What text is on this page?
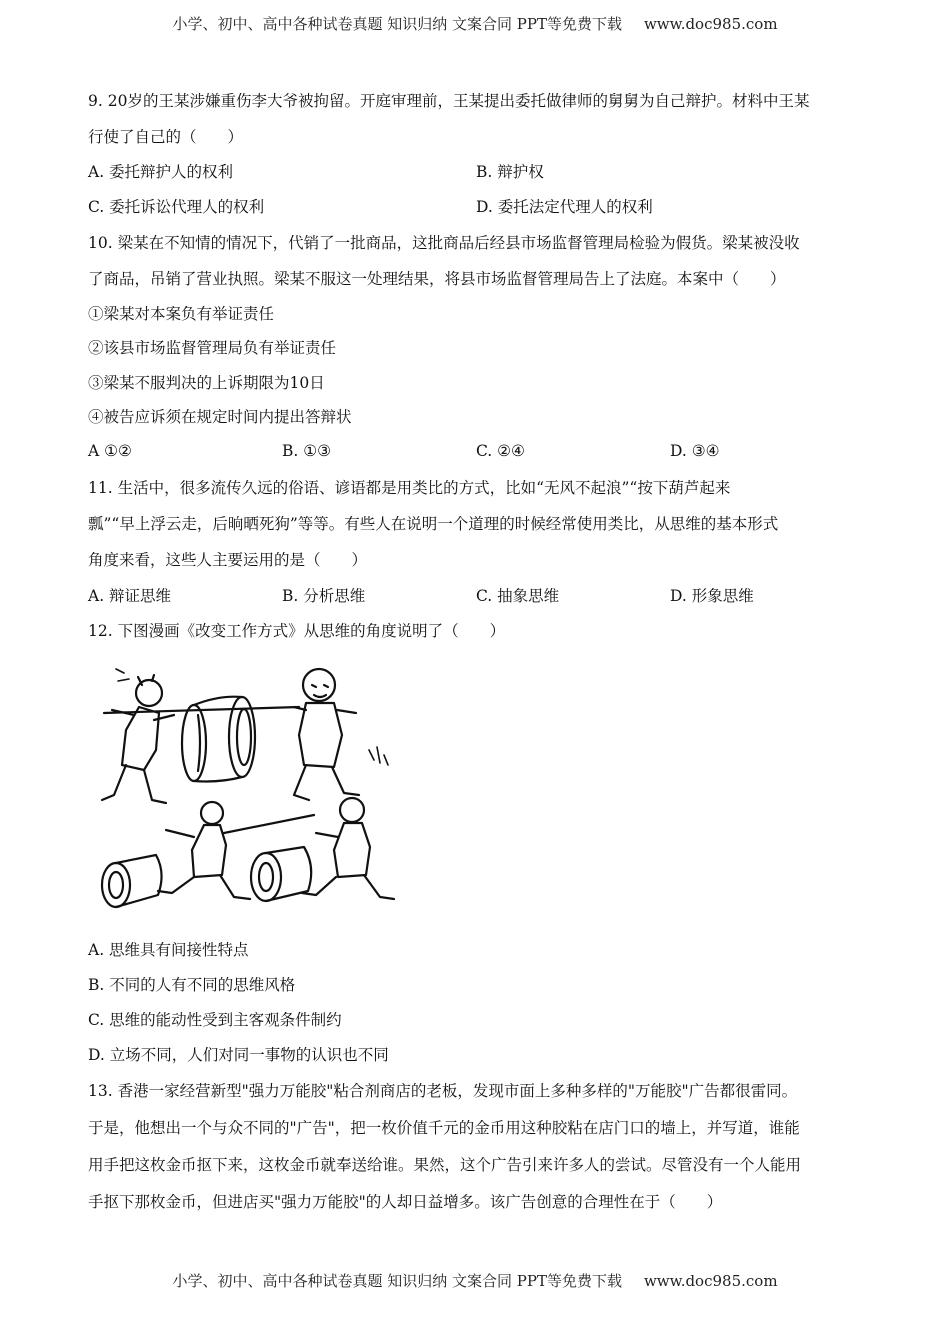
小学、初中、高中各种试卷真题 知识归纳 文案合同 PPT等免费下载 www.doc985.com
9. 20岁的王某涉嫌重伤李大爷被拘留。开庭审理前，王某提出委托做律师的舅舅为自己辩护。材料中王某
行使了自己的（　　）
A. 委托辩护人的权利	B. 辩护权
C. 委托诉讼代理人的权利	D. 委托法定代理人的权利
10. 梁某在不知情的情况下，代销了一批商品，这批商品后经县市场监督管理局检验为假货。梁某被没收
了商品，吊销了营业执照。梁某不服这一处理结果，将县市场监督管理局告上了法庭。本案中（　　）
①梁某对本案负有举证责任
②该县市场监督管理局负有举证责任
③梁某不服判决的上诉期限为10日
④被告应诉须在规定时间内提出答辩状
A ①②	B. ①③	C. ②④	D. ③④
11. 生活中，很多流传久远的俗语、谚语都是用类比的方式，比如“无风不起浪”“按下葫芦起来
瓢”“早上浮云走，后晌晒死狗”等等。有些人在说明一个道理的时候经常使用类比，从思维的基本形式
角度来看，这些人主要运用的是（　　）
A. 辩证思维	B. 分析思维	C. 抽象思维	D. 形象思维
12. 下图漫画《改变工作方式》从思维的角度说明了（　　）
A. 思维具有间接性特点
B. 不同的人有不同的思维风格
C. 思维的能动性受到主客观条件制约
D. 立场不同，人们对同一事物的认识也不同
13. 香港一家经营新型"强力万能胶"粘合剂商店的老板，发现市面上多种多样的"万能胶"广告都很雷同。
于是，他想出一个与众不同的"广告"，把一枚价值千元的金币用这种胶粘在店门口的墙上，并写道，谁能
用手把这枚金币抠下来，这枚金币就奉送给谁。果然，这个广告引来许多人的尝试。尽管没有一个人能用
手抠下那枚金币，但进店买"强力万能胶"的人却日益增多。该广告创意的合理性在于（　　）
小学、初中、高中各种试卷真题 知识归纳 文案合同 PPT等免费下载 www.doc985.com
